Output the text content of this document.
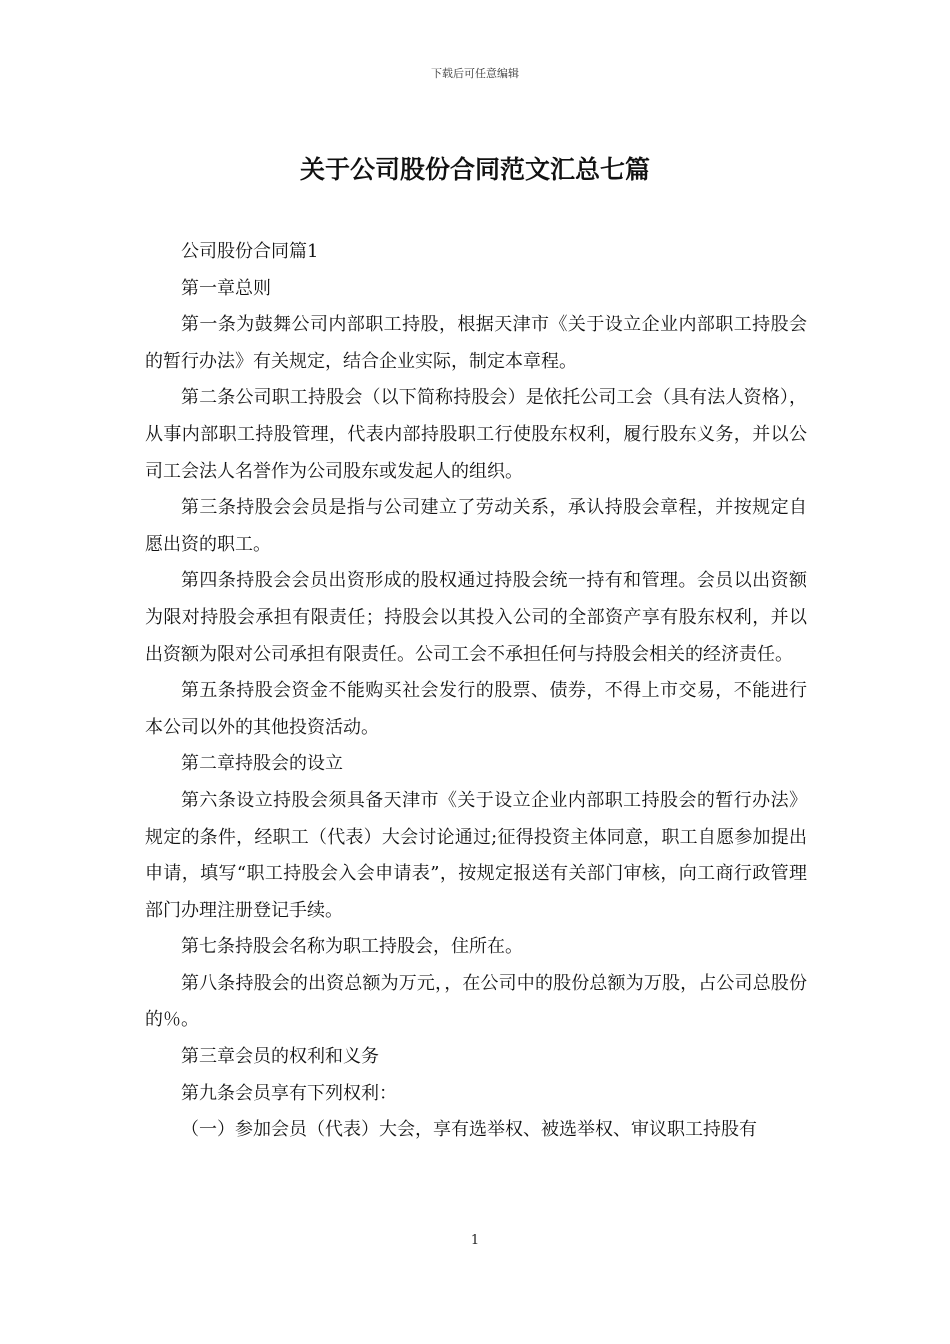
下载后可任意编辑
关于公司股份合同范文汇总七篇

公司股份合同篇1

第一章总则

第一条为鼓舞公司内部职工持股，根据天津市《关于设立企业内部职工持股会的暂行办法》有关规定，结合企业实际，制定本章程。

第二条公司职工持股会（以下简称持股会）是依托公司工会（具有法人资格），从事内部职工持股管理，代表内部持股职工行使股东权利，履行股东义务，并以公司工会法人名誉作为公司股东或发起人的组织。

第三条持股会会员是指与公司建立了劳动关系，承认持股会章程，并按规定自愿出资的职工。

第四条持股会会员出资形成的股权通过持股会统一持有和管理。会员以出资额为限对持股会承担有限责任；持股会以其投入公司的全部资产享有股东权利，并以出资额为限对公司承担有限责任。公司工会不承担任何与持股会相关的经济责任。

第五条持股会资金不能购买社会发行的股票、债券，不得上市交易，不能进行本公司以外的其他投资活动。

第二章持股会的设立

第六条设立持股会须具备天津市《关于设立企业内部职工持股会的暂行办法》规定的条件，经职工（代表）大会讨论通过;征得投资主体同意，职工自愿参加提出申请，填写“职工持股会入会申请表”，按规定报送有关部门审核，向工商行政管理部门办理注册登记手续。

第七条持股会名称为职工持股会，住所在。

第八条持股会的出资总额为万元，，在公司中的股份总额为万股，占公司总股份的％。

第三章会员的权利和义务

第九条会员享有下列权利：

（一）参加会员（代表）大会，享有选举权、被选举权、审议职工持股有

1
